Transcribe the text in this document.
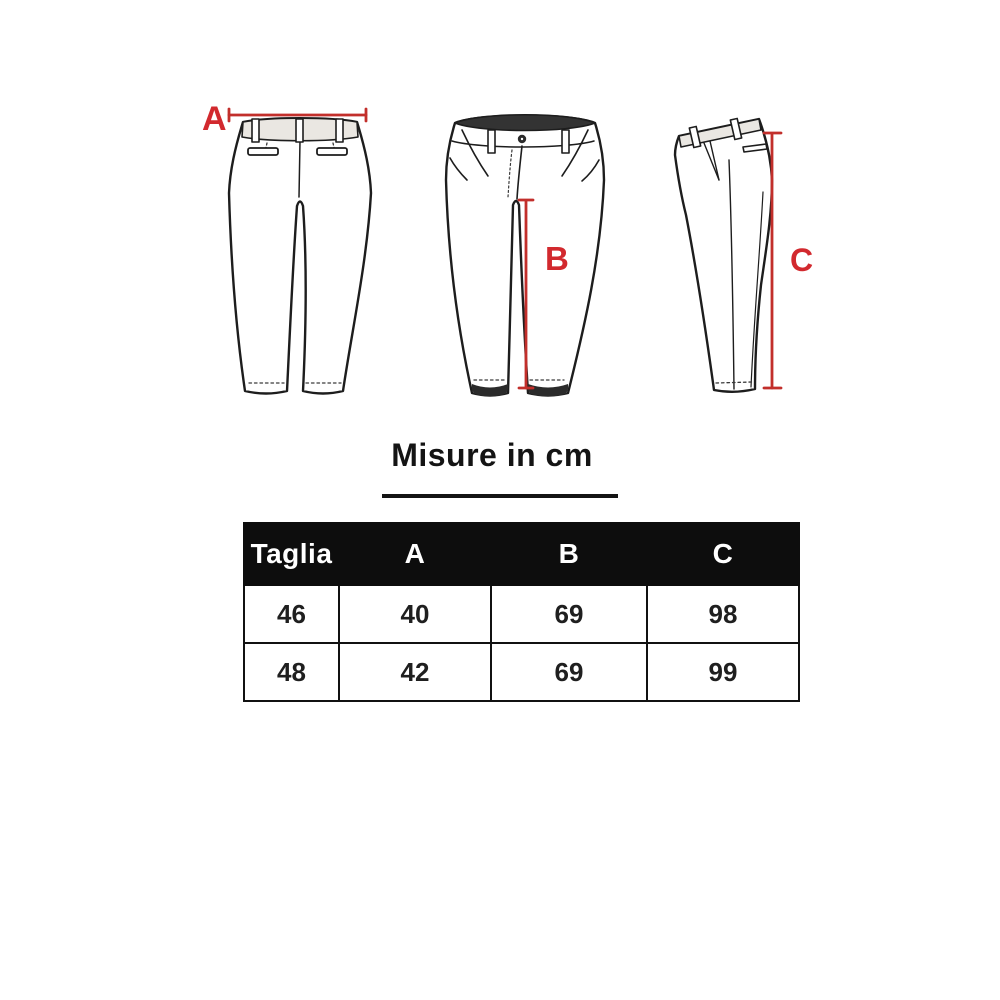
A
B	C
Misure in cm
Taglia	A	B	C
46	40	69	98
48	42	69	99
